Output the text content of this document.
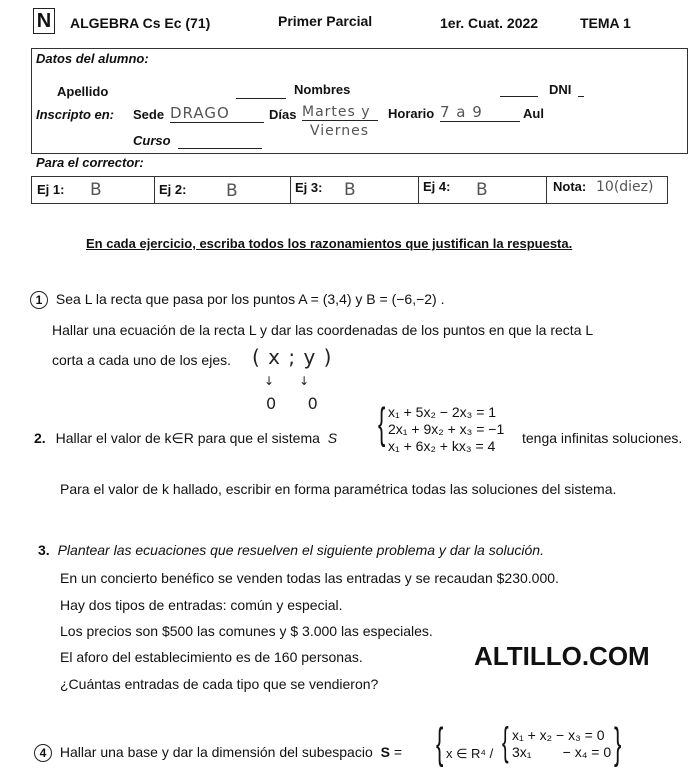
N ALGEBRA Cs Ec (71)	Primer Parcial	1er. Cuat. 2022	TEMA 1
Datos del alumno:
Apellido	Nombres	DNI
Inscripto en: Sede DRAGO	Días Martes y	Horario 7 a 9	Aul
Curso
Viernes
Para el corrector:
Ej 1: B	Ej 2: B	Ej 3: B	Ej 4: B	Nota: 10(diez)
En cada ejercicio, escriba todos los razonamientos que justifican la respuesta.
1 Sea L la recta que pasa por los puntos A = (3,4) y B = (−6,−2) .
Hallar una ecuación de la recta L y dar las coordenadas de los puntos en que la recta L
corta a cada uno de los ejes. ( x ; y )
↓     ↓
0     0
2. Hallar el valor de k∈R para que el sistema S { x₁ + 5x₂ − 2x₃ = 1
2x₁ + 9x₂ + x₃ = −1
x₁ + 6x₂ + kx₃ = 4	tenga infinitas soluciones.
Para el valor de k hallado, escribir en forma paramétrica todas las soluciones del sistema.
3. Plantear las ecuaciones que resuelven el siguiente problema y dar la solución.
En un concierto benéfico se venden todas las entradas y se recaudan $230.000.
Hay dos tipos de entradas: común y especial.
Los precios son $500 las comunes y $ 3.000 las especiales.
El aforo del establecimiento es de 160 personas.
¿Cuántas entradas de cada tipo que se vendieron?
ALTILLO.COM
4 Hallar una base y dar la dimensión del subespacio S = { x ∈ R⁴ / { x₁ + x₂ − x₃ = 0
3x₁        − x₄ = 0 }
